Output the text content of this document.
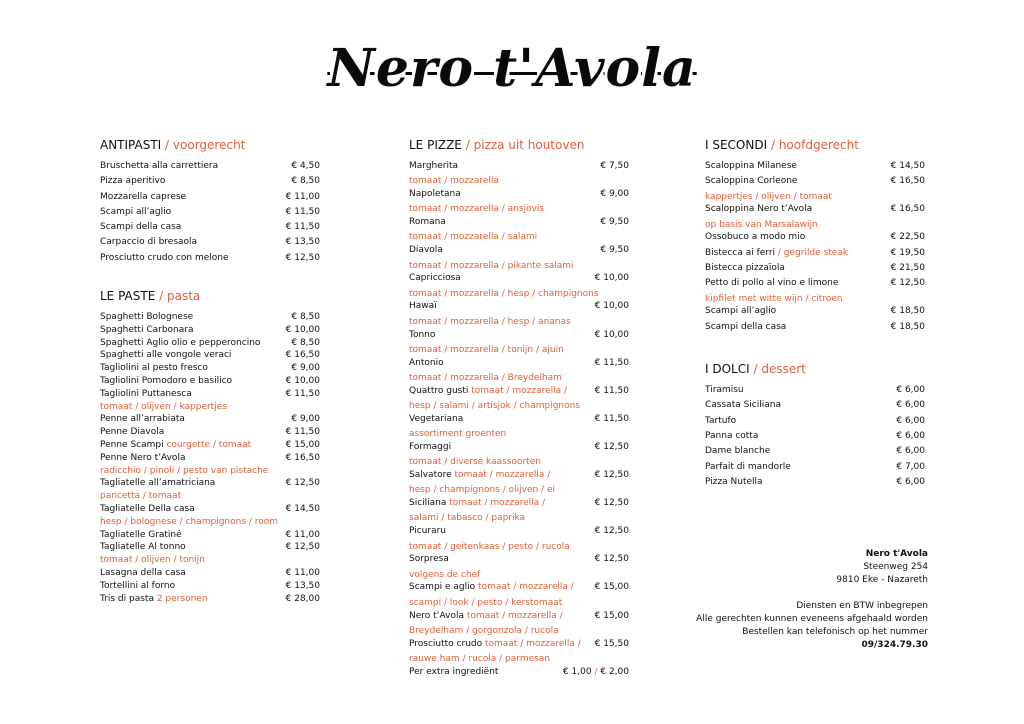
Nero t'Avola
ANTIPASTI / voorgerecht
Bruschetta alla carrettiera	€ 4,50
Pizza aperitivo	€ 8,50
Mozzarella caprese	€ 11,00
Scampi all’aglio	€ 11,50
Scampi della casa	€ 11,50
Carpaccio di bresaola	€ 13,50
Prosciutto crudo con melone	€ 12,50
LE PASTE / pasta
Spaghetti Bolognese	€ 8,50
Spaghetti Carbonara	€ 10,00
Spaghetti Aglio olio e pepperoncino	€ 8,50
Spaghetti alle vongole veraci	€ 16,50
Tagliolini al pesto fresco	€ 9,00
Tagliolini Pomodoro e basilico	€ 10,00
Tagliolini Puttanesca	€ 11,50
tomaat / olijven / kappertjes
Penne all’arrabiata	€ 9,00
Penne Diavola	€ 11,50
Penne Scampi courgette / tomaat	€ 15,00
Penne Nero t’Avola	€ 16,50
radicchio / pinoli / pesto van pistache
Tagliatelle all’amatriciana	€ 12,50
pancetta / tomaat
Tagliatelle Della casa	€ 14,50
hesp / bolognese / champignons / room
Tagliatelle Gratiné	€ 11,00
Tagliatelle Al tonno	€ 12,50
tomaat / olijven / tonijn
Lasagna della casa	€ 11,00
Tortellini al forno	€ 13,50
Tris di pasta 2 personen	€ 28,00
LE PIZZE / pizza uit houtoven
Margherita	€ 7,50
tomaat / mozzarella
Napoletana	€ 9,00
tomaat / mozzarella / ansjovis
Romana	€ 9,50
tomaat / mozzarella / salami
Diavola	€ 9,50
tomaat / mozzarella / pikante salami
Capricciosa	€ 10,00
tomaat / mozzarella / hesp / champignons
Hawaï	€ 10,00
tomaat / mozzarella / hesp / ananas
Tonno	€ 10,00
tomaat / mozzarella / tonijn / ajuin
Antonio	€ 11,50
tomaat / mozzarella / Breydelham
Quattro gusti tomaat / mozzarella /	€ 11,50
hesp / salami / artisjok / champignons
Vegetariana	€ 11,50
assortiment groenten
Formaggi	€ 12,50
tomaat / diverse kaassoorten
Salvatore tomaat / mozzarella /	€ 12,50
hesp / champignons / olijven / ei
Siciliana tomaat / mozzarella /	€ 12,50
salami / tabasco / paprika
Picuraru	€ 12,50
tomaat / geitenkaas / pesto / rucola
Sorpresa	€ 12,50
volgens de chef
Scampi e aglio tomaat / mozzarella /	€ 15,00
scampi / look / pesto / kerstomaat
Nero t’Avola tomaat / mozzarella /	€ 15,00
Breydelham / gorgonzola / rucola
Prosciutto crudo tomaat / mozzarella /	€ 15,50
rauwe ham / rucola / parmesan
Per extra ingrediënt	€ 1,00 / € 2,00
I SECONDI / hoofdgerecht
Scaloppina Milanese	€ 14,50
Scaloppina Corleone	€ 16,50
kappertjes / olijven / tomaat
Scaloppina Nero t’Avola	€ 16,50
op basis van Marsalawijn
Ossobuco a modo mio	€ 22,50
Bistecca ai ferri / gegrilde steak	€ 19,50
Bistecca pizzaïola	€ 21,50
Petto di pollo al vino e limone	€ 12,50
kipfilet met witte wijn / citroen
Scampi all’aglio	€ 18,50
Scampi della casa	€ 18,50
I DOLCI / dessert
Tiramisu	€ 6,00
Cassata Siciliana	€ 6,00
Tartufo	€ 6,00
Panna cotta	€ 6,00
Dame blanche	€ 6,00
Parfait di mandorle	€ 7,00
Pizza Nutella	€ 6,00
Nero t'Avola
Steenweg 254
9810 Eke - Nazareth
Diensten en BTW inbegrepen
Alle gerechten kunnen eveneens afgehaald worden
Bestellen kan telefonisch op het nummer 09/324.79.30
